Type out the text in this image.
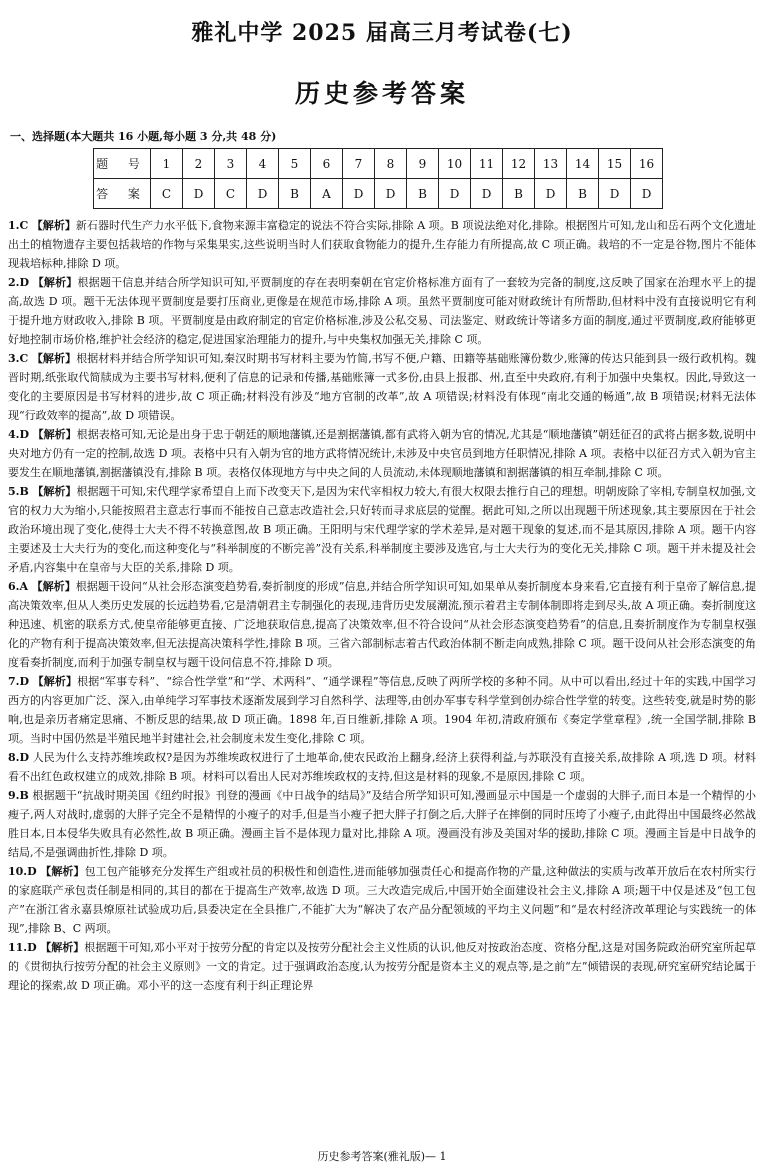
雅礼中学 2025 届高三月考试卷(七)
历史参考答案
一、选择题(本大题共 16 小题,每小题 3 分,共 48 分)
题 号	1	2	3	4	5	6	7	8	9	10	11	12	13	14	15	16
答 案	C	D	C	D	B	A	D	D	B	D	D	B	D	B	D	D

1.C 【解析】新石器时代生产力水平低下,食物来源丰富稳定的说法不符合实际,排除 A 项。B 项说法绝对化,排除。根据图片可知,龙山和岳石两个文化遗址出土的植物遗存主要包括栽培的作物与采集果实,这些说明当时人们获取食物能力的提升,生存能力有所提高,故 C 项正确。栽培的不一定是谷物,图片不能体现栽培标种,排除 D 项。

2.D 【解析】根据题干信息并结合所学知识可知,平贾制度的存在表明秦朝在官定价格标准方面有了一套较为完备的制度,这反映了国家在治理水平上的提高,故选 D 项。题干无法体现平贾制度是要打压商业,更像是在规范市场,排除 A 项。虽然平贾制度可能对财政统计有所帮助,但材料中没有直接说明它有利于提升地方财政收入,排除 B 项。平贾制度是由政府制定的官定价格标准,涉及公私交易、司法鉴定、财政统计等诸多方面的制度,通过平贾制度,政府能够更好地控制市场价格,维护社会经济的稳定,促进国家治理能力的提升,与中央集权加强无关,排除 C 项。

3.C 【解析】根据材料并结合所学知识可知,秦汉时期书写材料主要为竹简,书写不便,户籍、田籍等基础账簿份数少,账簿的传达只能到县一级行政机构。魏晋时期,纸张取代简牍成为主要书写材料,便利了信息的记录和传播,基础账簿一式多份,由县上报郡、州,直至中央政府,有利于加强中央集权。因此,导致这一变化的主要原因是书写材料的进步,故 C 项正确;材料没有涉及“地方官制的改革”,故 A 项错误;材料没有体现“南北交通的畅通”,故 B 项错误;材料无法体现“行政效率的提高”,故 D 项错误。

4.D 【解析】根据表格可知,无论是出身于忠于朝廷的顺地藩镇,还是割据藩镇,都有武将入朝为官的情况,尤其是“顺地藩镇”朝廷征召的武将占据多数,说明中央对地方仍有一定的控制,故选 D 项。表格中只有入朝为官的地方武将情况统计,未涉及中央官员到地方任职情况,排除 A 项。表格中以征召方式入朝为官主要发生在顺地藩镇,割据藩镇没有,排除 B 项。表格仅体现地方与中央之间的人员流动,未体现顺地藩镇和割据藩镇的相互牵制,排除 C 项。

5.B 【解析】根据题干可知,宋代理学家希望自上而下改变天下,是因为宋代宰相权力较大,有很大权限去推行自己的理想。明朝废除了宰相,专制皇权加强,文官的权力大为缩小,只能按照君主意志行事而不能按自己意志改造社会,只好转而寻求底层的觉醒。据此可知,之所以出现题干所述现象,其主要原因在于社会政治环境出现了变化,使得士大夫不得不转换意图,故 B 项正确。王阳明与宋代理学家的学术差异,是对题干现象的复述,而不是其原因,排除 A 项。题干内容主要述及士大夫行为的变化,而这种变化与“科举制度的不断完善”没有关系,科举制度主要涉及选官,与士大夫行为的变化无关,排除 C 项。题干并未提及社会矛盾,内容集中在皇帝与大臣的关系,排除 D 项。

6.A 【解析】根据题干设问“从社会形态演变趋势看,奏折制度的形成”信息,并结合所学知识可知,如果单从奏折制度本身来看,它直接有利于皇帝了解信息,提高决策效率,但从人类历史发展的长远趋势看,它是清朝君主专制强化的表现,违背历史发展潮流,预示着君主专制体制即将走到尽头,故 A 项正确。奏折制度这种迅速、机密的联系方式,使皇帝能够更直接、广泛地获取信息,提高了决策效率,但不符合设问“从社会形态演变趋势看”的信息,且奏折制度作为专制皇权强化的产物有利于提高决策效率,但无法提高决策科学性,排除 B 项。三省六部制标志着古代政治体制不断走向成熟,排除 C 项。题干设问从社会形态演变的角度看奏折制度,而利于加强专制皇权与题干设问信息不符,排除 D 项。

7.D 【解析】根据“军事专科”、“综合性学堂”和“学、术两科”、“通学课程”等信息,反映了两所学校的多种不同。从中可以看出,经过十年的实践,中国学习西方的内容更加广泛、深入,由单纯学习军事技术逐渐发展到学习自然科学、法理等,由创办军事专科学堂到创办综合性学堂的转变。这些转变,就是时势的影响,也是亲历者痛定思痛、不断反思的结果,故 D 项正确。1898 年,百日维新,排除 A 项。1904 年初,清政府颁布《奏定学堂章程》,统一全国学制,排除 B 项。当时中国仍然是半殖民地半封建社会,社会制度未发生变化,排除 C 项。

8.D 人民为什么支持苏维埃政权?是因为苏维埃政权进行了土地革命,使农民政治上翻身,经济上获得利益,与苏联没有直接关系,故排除 A 项,选 D 项。材料看不出红色政权建立的成效,排除 B 项。材料可以看出人民对苏维埃政权的支持,但这是材料的现象,不是原因,排除 C 项。

9.B 根据题干“抗战时期美国《纽约时报》刊登的漫画《中日战争的结局》”及结合所学知识可知,漫画显示中国是一个虚弱的大胖子,而日本是一个精悍的小瘦子,两人对战时,虚弱的大胖子完全不是精悍的小瘦子的对手,但是当小瘦子把大胖子打倒之后,大胖子在摔倒的同时压垮了小瘦子,由此得出中国最终必然战胜日本,日本侵华失败具有必然性,故 B 项正确。漫画主旨不是体现力量对比,排除 A 项。漫画没有涉及美国对华的援助,排除 C 项。漫画主旨是中日战争的结局,不是强调曲折性,排除 D 项。

10.D 【解析】包工包产能够充分发挥生产组或社员的积极性和创造性,进而能够加强责任心和提高作物的产量,这种做法的实质与改革开放后在农村所实行的家庭联产承包责任制是相同的,其目的都在于提高生产效率,故选 D 项。三大改造完成后,中国开始全面建设社会主义,排除 A 项;题干中仅是述及“包工包产”在浙江省永嘉县燎原社试验成功后,县委决定在全县推广,不能扩大为“解决了农产品分配领域的平均主义问题”和“是农村经济改革理论与实践统一的体现”,排除 B、C 两项。

11.D 【解析】根据题干可知,邓小平对于按劳分配的肯定以及按劳分配社会主义性质的认识,他反对按政治态度、资格分配,这是对国务院政治研究室所起草的《贯彻执行按劳分配的社会主义原则》一文的肯定。过于强调政治态度,认为按劳分配是资本主义的观点等,是之前“左”倾错误的表现,研究室研究结论属于理论的探索,故 D 项正确。邓小平的这一态度有利于纠正理论界

历史参考答案(雅礼版)— 1
